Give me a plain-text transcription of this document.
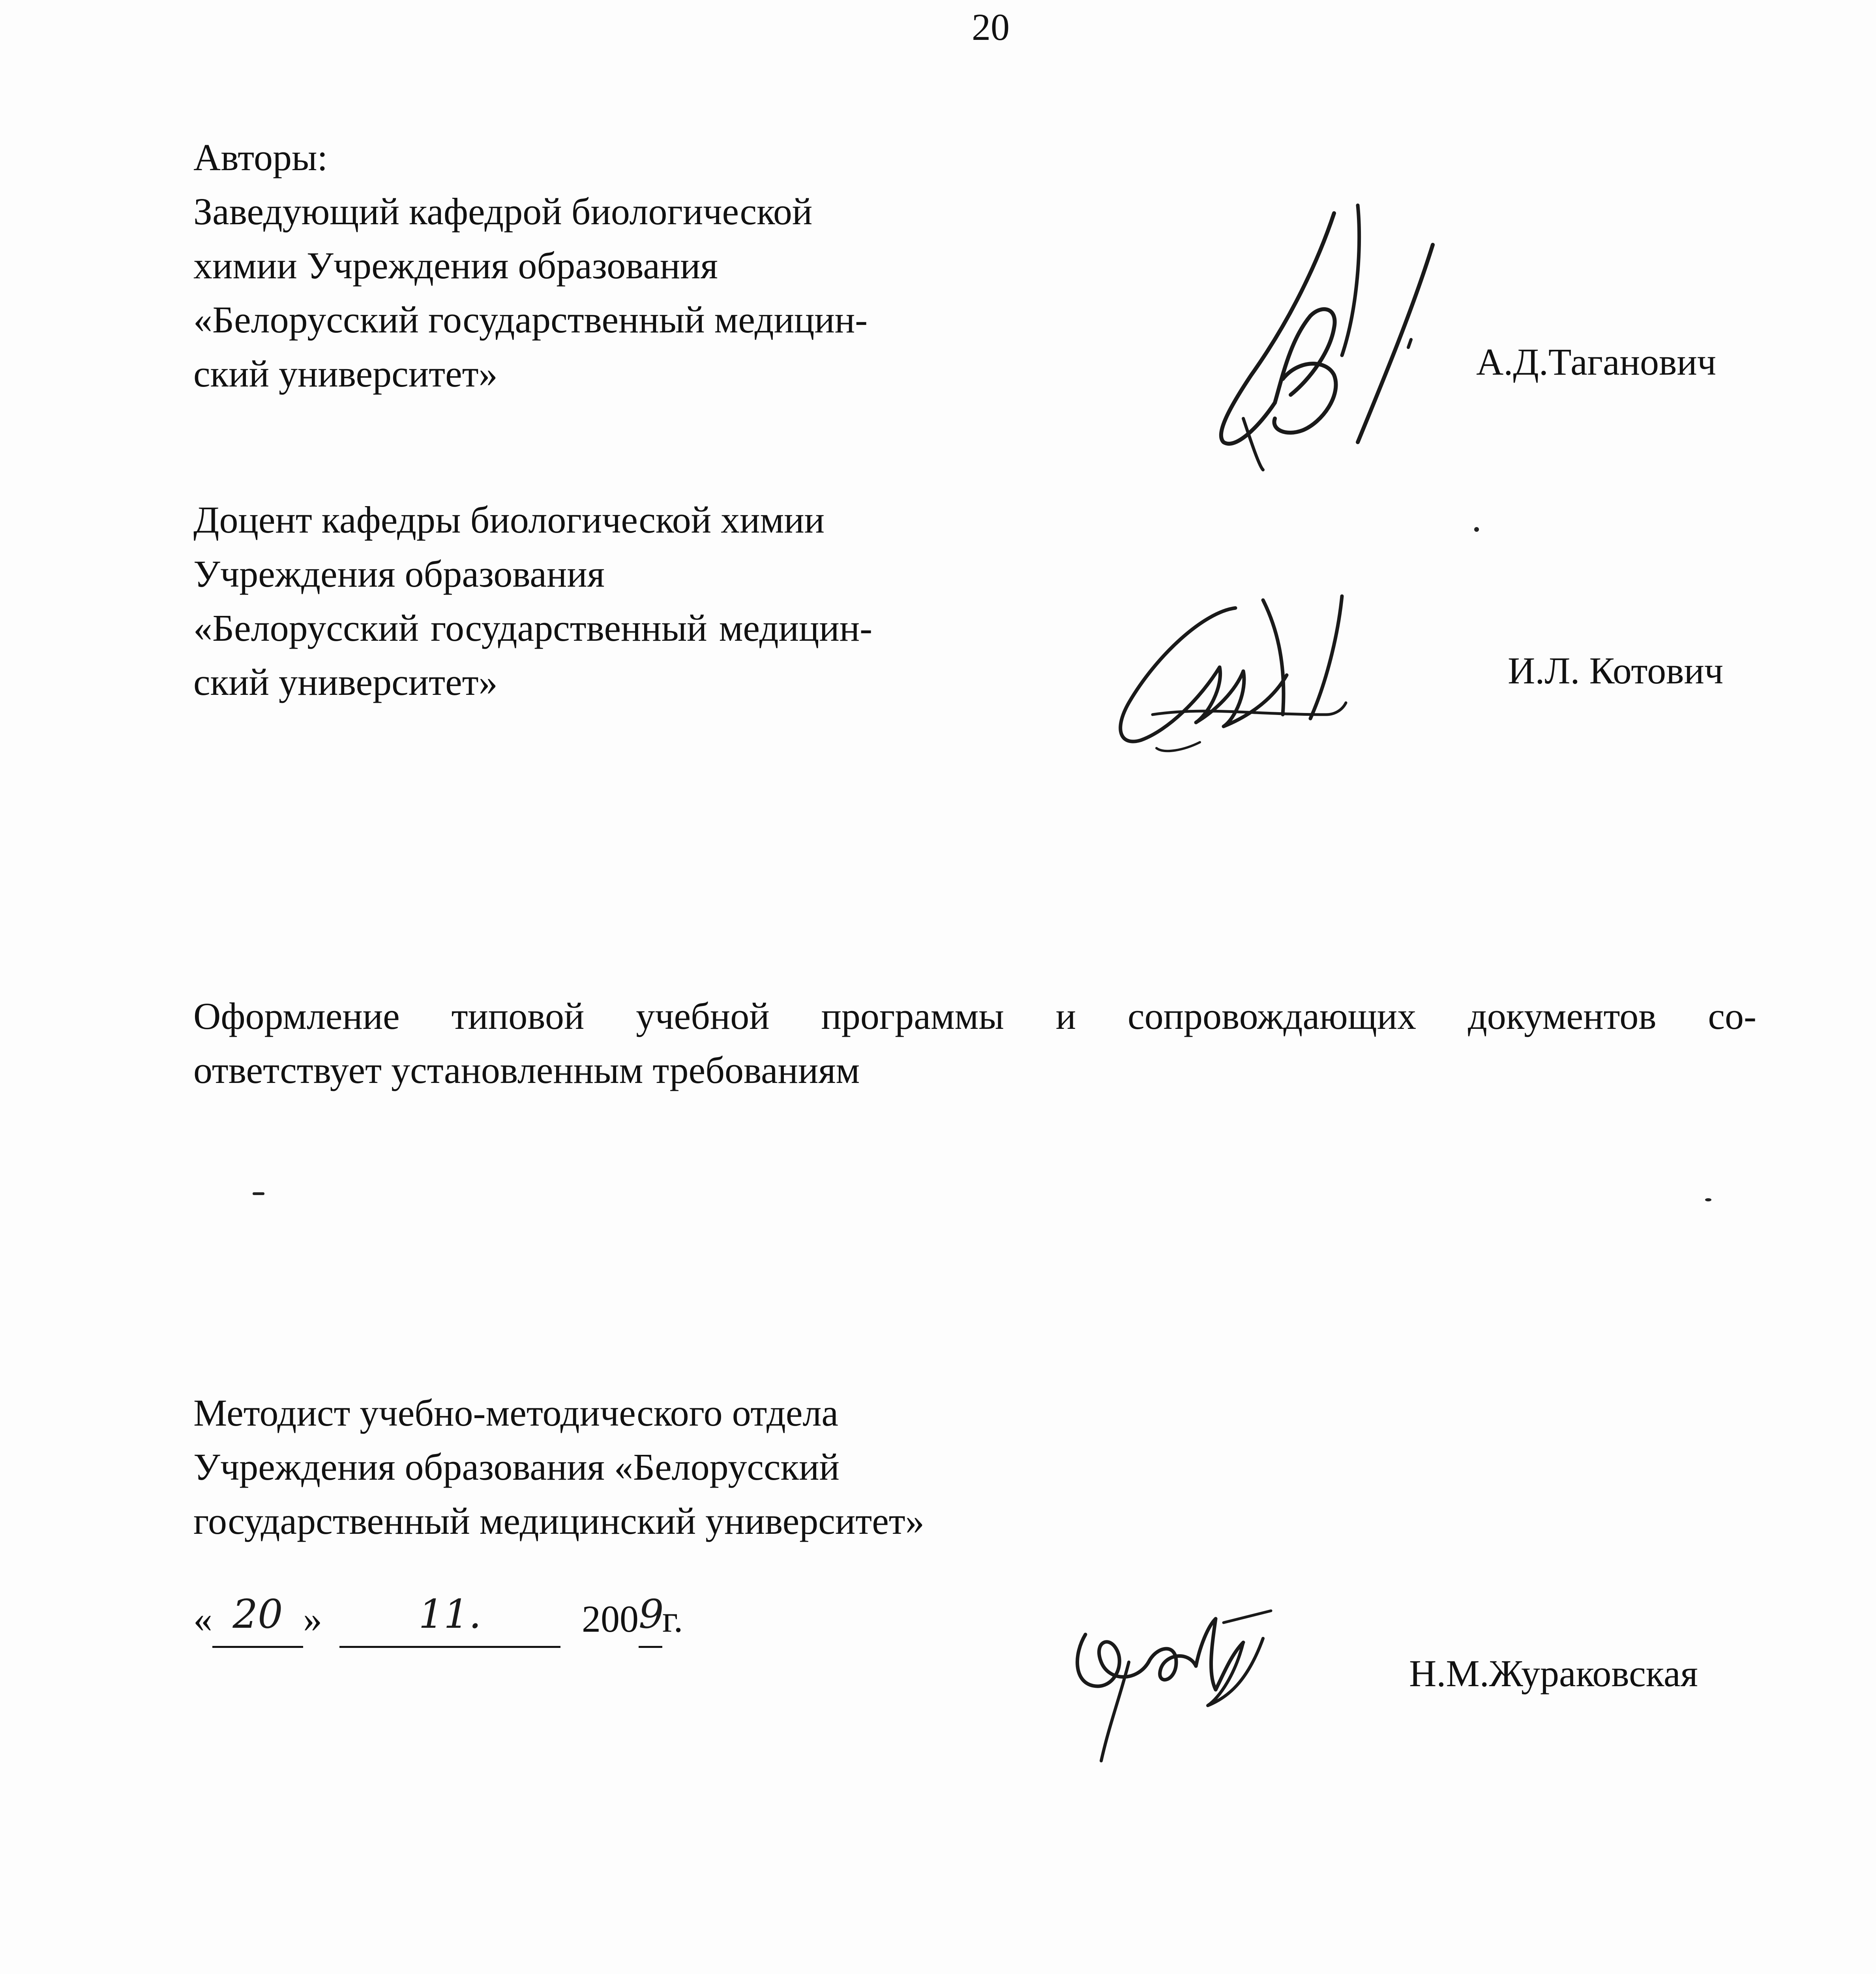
20
Авторы:
Заведующий кафедрой биологической
химии Учреждения образования
«Белорусский государственный медицин-
ский университет»	А.Д.Таганович
Доцент кафедры биологической химии
Учреждения образования
«Белорусский государственный медицин-
ский университет»	И.Л. Котович
Оформление типовой учебной программы и сопровождающих документов со-
ответствует установленным требованиям
Методист учебно-методического отдела
Учреждения образования «Белорусский
государственный медицинский университет»
« 20 » 11.	2009г.
Н.М.Жураковская
